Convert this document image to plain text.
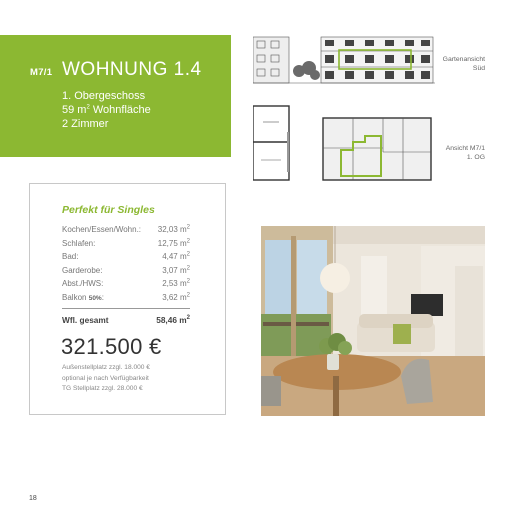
M7/1 WOHNUNG 1.4
1. Obergeschoss
59 $m^2$ Wohnfläche
2 Zimmer
Gartenansicht
Süd
Ansicht M7/1
1. OG
Perfekt für Singles
Kochen/Essen/Wohn.: 32,03 $m^2$
Schlafen:	12,75 $m^2$
Bad:	4,47 $m^2$
Garderobe:	3,07 $m^2$
Abst./HWS:	2,53 $m^2$
Balkon 50%:	3,62 $m^2$
Wfl. gesamt	58,46 $m^2$
321.500 €
Außenstellplatz zzgl. 18.000 €
optional je nach Verfügbarkeit
TG Stellplatz zzgl. 28.000 €
18
